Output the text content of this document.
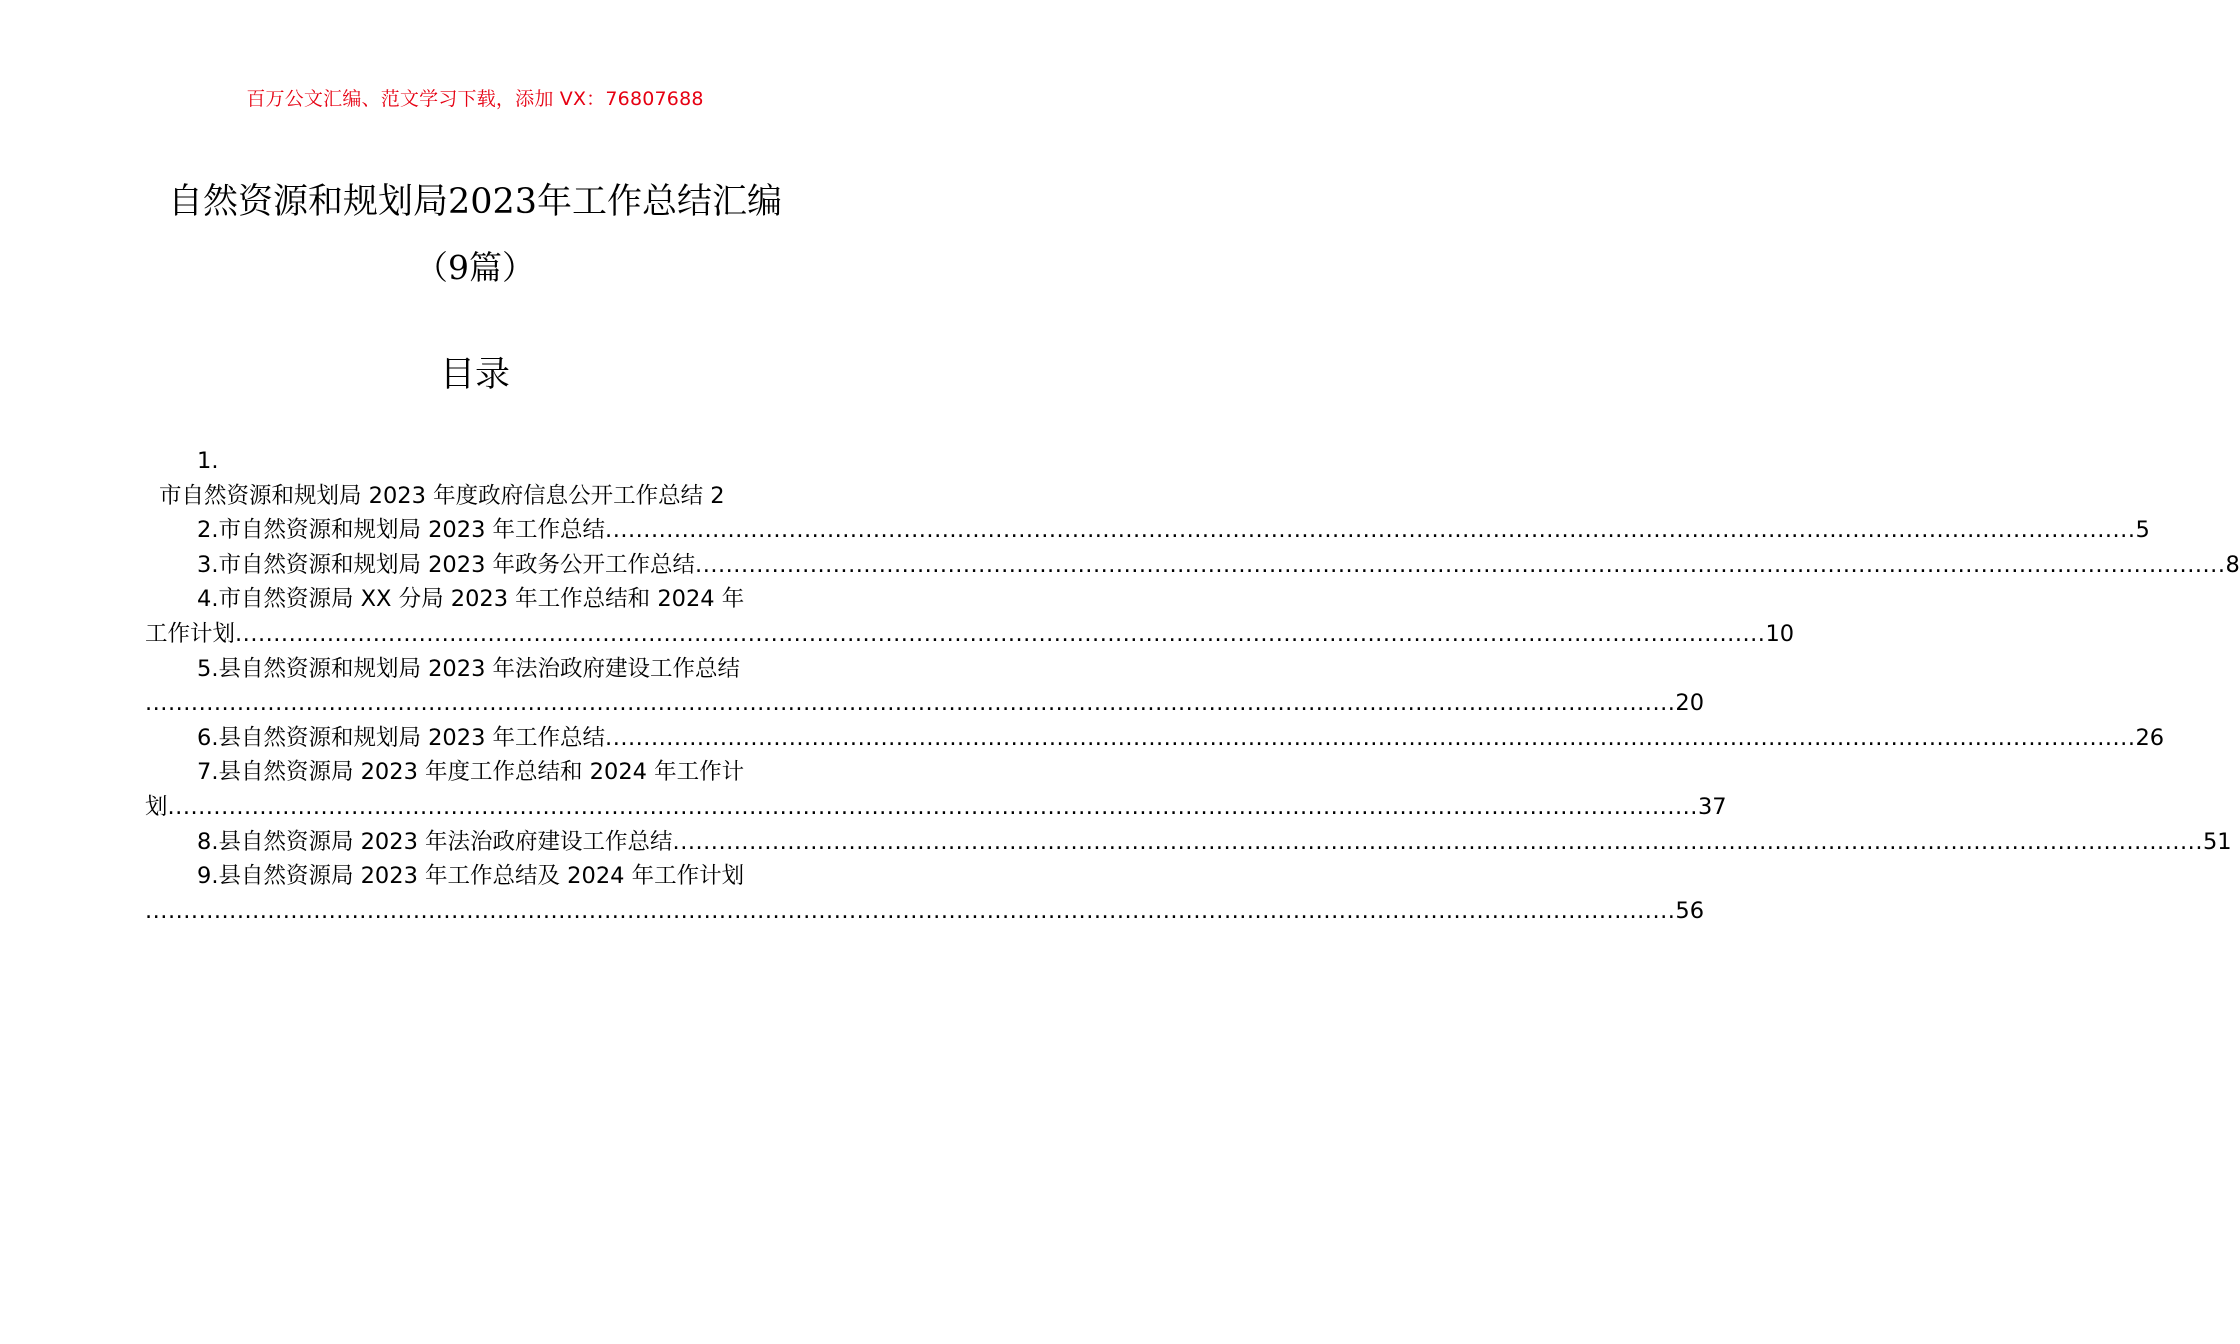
百万公文汇编、范文学习下载，添加 VX：76807688
自然资源和规划局2023年工作总结汇编
（9篇）
目录
1.
市自然资源和规划局 2023 年度政府信息公开工作总结 2
2.市自然资源和规划局 2023 年工作总结 ........................................................................................................................................................................................................ 5
3.市自然资源和规划局 2023 年政务公开工作总结 ........................................................................................................................................................................................................ 8
4.市自然资源局 XX 分局 2023 年工作总结和 2024 年
工作计划 ........................................................................................................................................................................................................ 10
5.县自然资源和规划局 2023 年法治政府建设工作总结
........................................................................................................................................................................................................ 20
6.县自然资源和规划局 2023 年工作总结 ........................................................................................................................................................................................................ 26
7.县自然资源局 2023 年度工作总结和 2024 年工作计
划 ........................................................................................................................................................................................................ 37
8.县自然资源局 2023 年法治政府建设工作总结 ........................................................................................................................................................................................................ 51
9.县自然资源局 2023 年工作总结及 2024 年工作计划
........................................................................................................................................................................................................ 56
